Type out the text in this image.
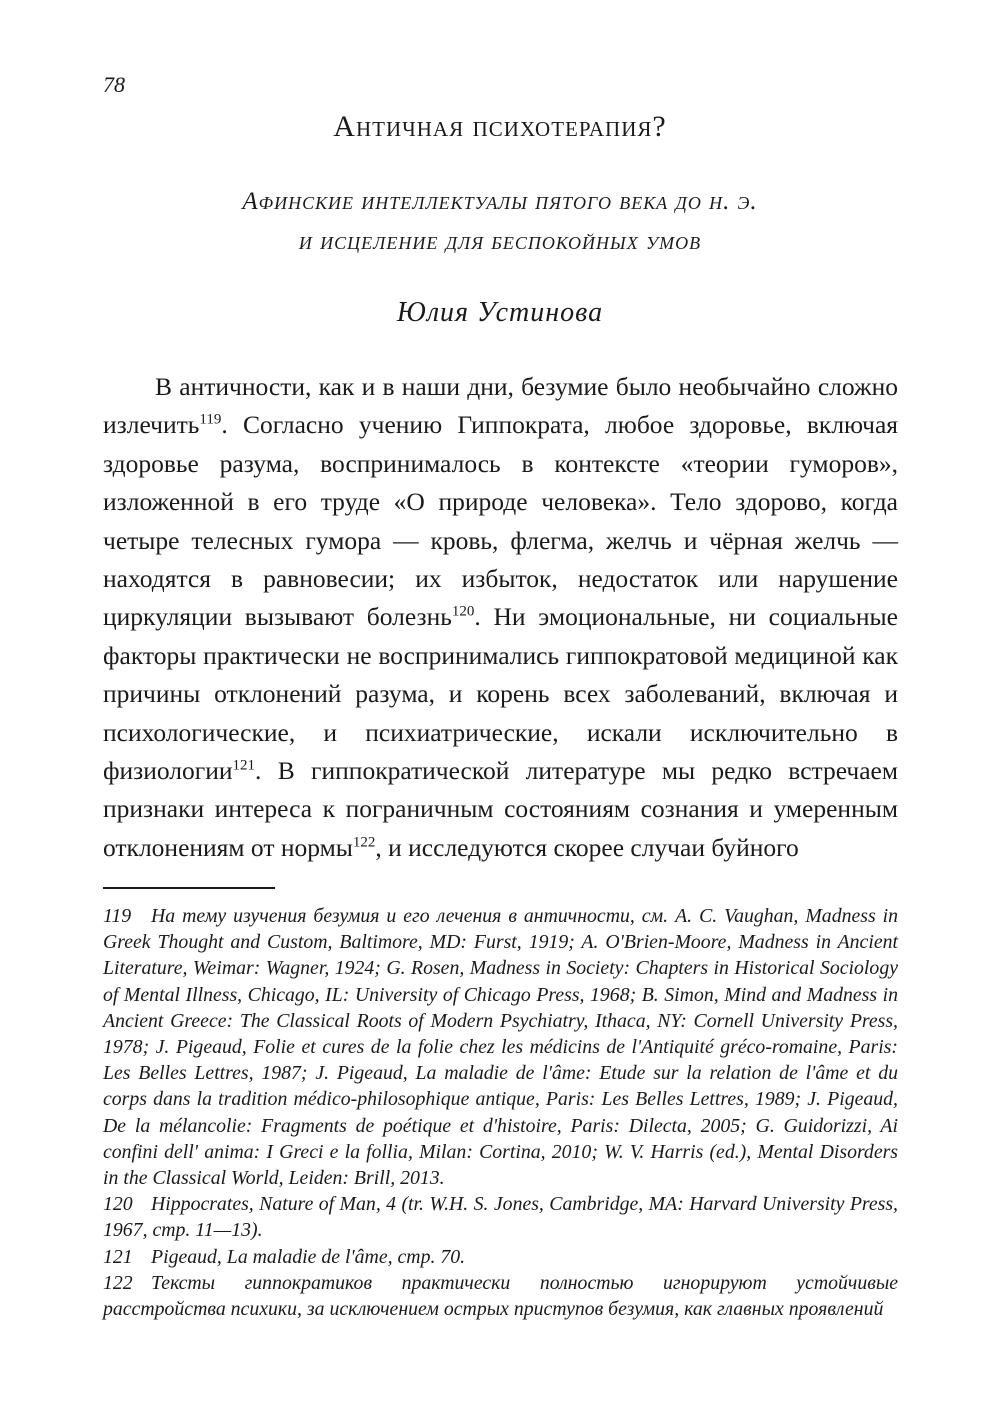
78
Античная психотерапия?
Афинские интеллектуалы пятого века до н. э.
и исцеление для беспокойных умов
Юлия Устинова

В античности, как и в наши дни, безумие было необычайно сложно излечить$^{119}$. Согласно учению Гиппократа, любое здоровье, включая здоровье разума, воспринималось в контексте «теории гуморов», изложенной в его труде «О природе человека». Тело здорово, когда четыре телесных гумора — кровь, флегма, желчь и чёрная желчь — находятся в равновесии; их избыток, недостаток или нарушение циркуляции вызывают болезнь$^{120}$. Ни эмоциональные, ни социальные факторы практически не воспринимались гиппократовой медициной как причины отклонений разума, и корень всех заболеваний, включая и психологические, и психиатрические, искали исключительно в физиологии$^{121}$. В гиппократической литературе мы редко встречаем признаки интереса к пограничным состояниям сознания и умеренным отклонениям от нормы$^{122}$, и исследуются скорее случаи буйного

119 На тему изучения безумия и его лечения в античности, см. A. C. Vaughan, Madness in Greek Thought and Custom, Baltimore, MD: Furst, 1919; A. O'Brien-Moore, Madness in Ancient Literature, Weimar: Wagner, 1924; G. Rosen, Madness in Society: Chapters in Historical Sociology of Mental Illness, Chicago, IL: University of Chicago Press, 1968; B. Simon, Mind and Madness in Ancient Greece: The Classical Roots of Modern Psychiatry, Ithaca, NY: Cornell University Press, 1978; J. Pigeaud, Folie et cures de la folie chez les médicins de l'Antiquité gréco-romaine, Paris: Les Belles Lettres, 1987; J. Pigeaud, La maladie de l'âme: Etude sur la relation de l'âme et du corps dans la tradition médico-philosophique antique, Paris: Les Belles Lettres, 1989; J. Pigeaud, De la mélancolie: Fragments de poétique et d'histoire, Paris: Dilecta, 2005; G. Guidorizzi, Ai confini dell' anima: I Greci e la follia, Milan: Cortina, 2010; W. V. Harris (ed.), Mental Disorders in the Classical World, Leiden: Brill, 2013.

120 Hippocrates, Nature of Man, 4 (tr. W.H. S. Jones, Cambridge, MA: Harvard University Press, 1967, стр. 11—13).

121 Pigeaud, La maladie de l'âme, стр. 70.

122 Тексты гиппократиков практически полностью игнорируют устойчивые расстройства психики, за исключением острых приступов безумия, как главных проявлений
